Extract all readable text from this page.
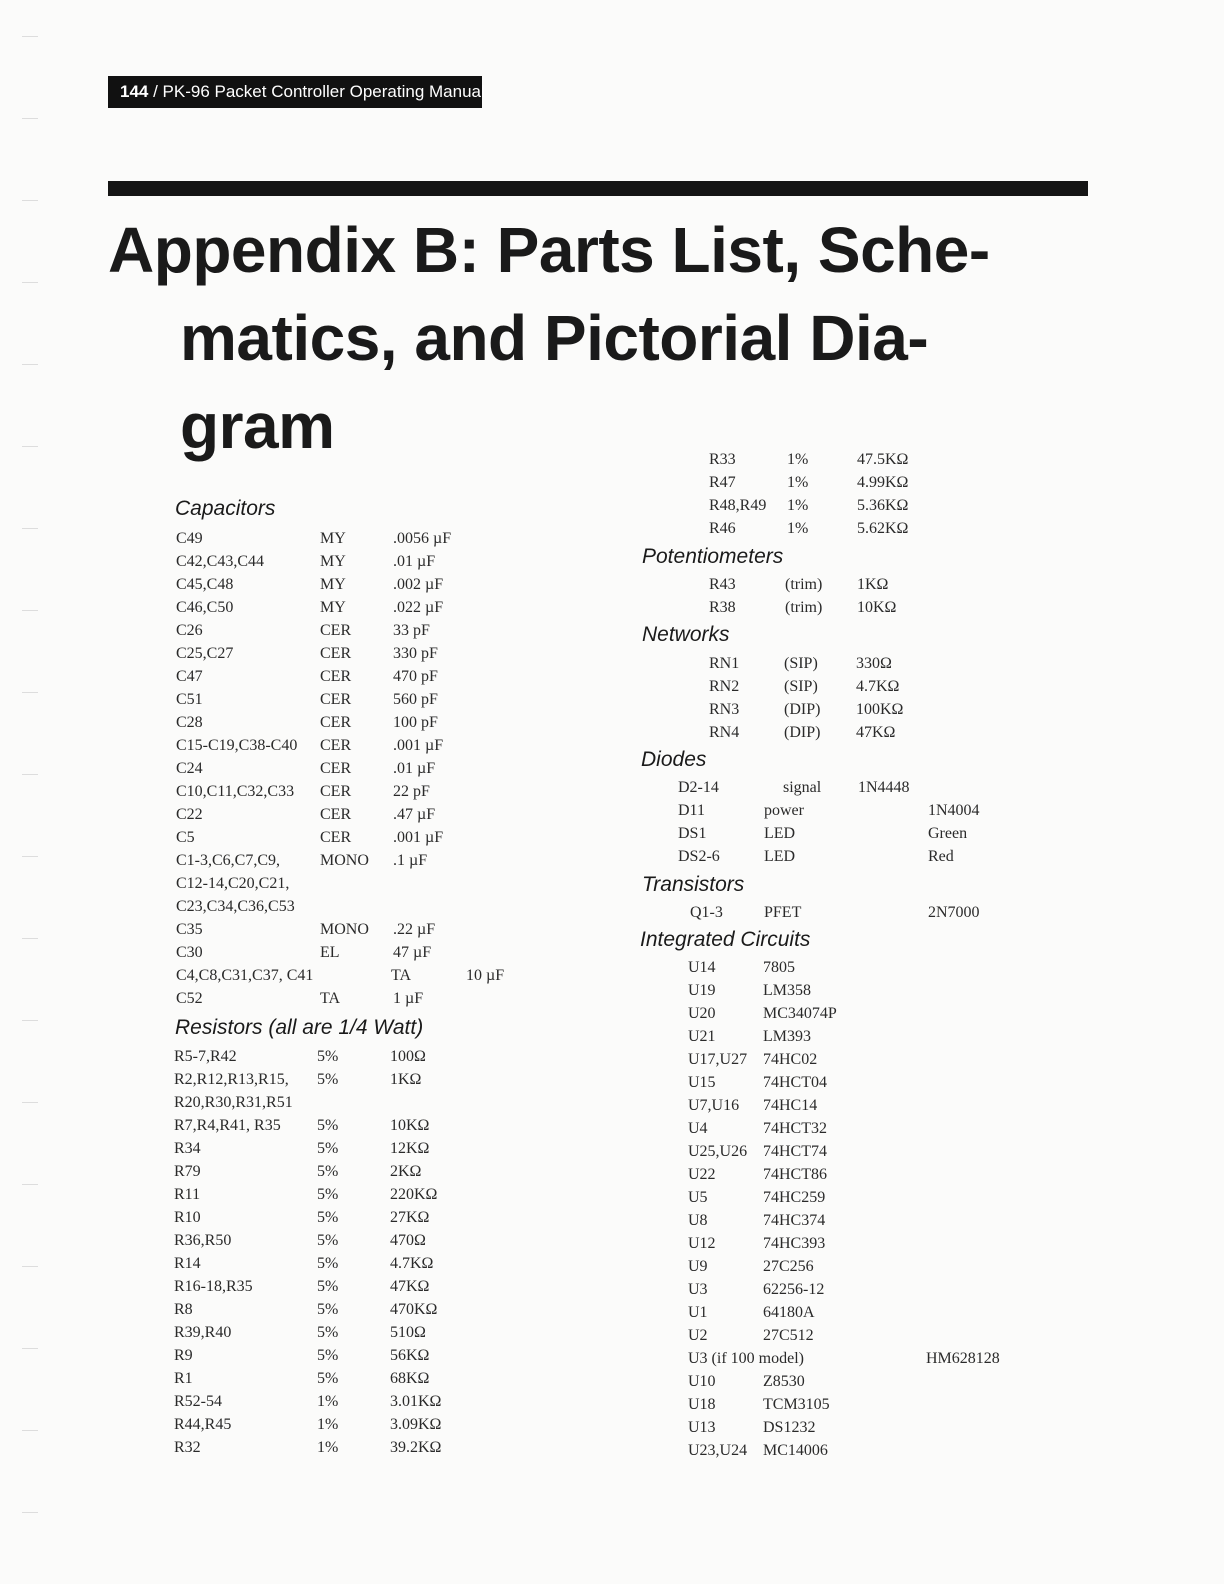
144 / PK-96 Packet Controller Operating Manual
Appendix B: Parts List, Sche-
matics, and Pictorial Dia-
gram
Capacitors
C49	MY	.0056 µF
C42,C43,C44	MY	.01 µF
C45,C48	MY	.002 µF
C46,C50	MY	.022 µF
C26	CER	33 pF
C25,C27	CER	330 pF
C47	CER	470 pF
C51	CER	560 pF
C28	CER	100 pF
C15-C19,C38-C40 CER	.001 µF
C24	CER	.01 µF
C10,C11,C32,C33 CER	22 pF
C22	CER	.47 µF
C5	CER	.001 µF
C1-3,C6,C7,C9, MONO .1 µF
C12-14,C20,C21,
C23,C34,C36,C53
C35	MONO .22 µF
C30	EL	47 µF
C4,C8,C31,C37, C41	TA	10 µF
C52	TA	1 µF
Resistors (all are 1/4 Watt)
R5-7,R42	5%	100Ω
R2,R12,R13,R15, 5%	1KΩ
R20,R30,R31,R51
R7,R4,R41, R35 5%	10KΩ
R34	5%	12KΩ
R79	5%	2KΩ
R11	5%	220KΩ
R10	5%	27KΩ
R36,R50	5%	470Ω
R14	5%	4.7KΩ
R16-18,R35	5%	47KΩ
R8	5%	470KΩ
R39,R40	5%	510Ω
R9	5%	56KΩ
R1	5%	68KΩ
R52-54	1%	3.01KΩ
R44,R45	1%	3.09KΩ
R32	1%	39.2KΩ
R33	1%	47.5KΩ
R47	1%	4.99KΩ
R48,R49 1%	5.36KΩ
R46	1%	5.62KΩ
Potentiometers
R43	(trim) 1KΩ
R38	(trim) 10KΩ
Networks
RN1	(SIP) 330Ω
RN2	(SIP) 4.7KΩ
RN3	(DIP) 100KΩ
RN4	(DIP) 47KΩ
Diodes
D2-14	signal 1N4448
D11	power	1N4004
DS1	LED	Green
DS2-6	LED	Red
Transistors
Q1-3	PFET	2N7000
Integrated Circuits
U14	7805
U19	LM358
U20	MC34074P
U21	LM393
U17,U27 74HC02
U15	74HCT04
U7,U16 74HC14
U4	74HCT32
U25,U26 74HCT74
U22	74HCT86
U5	74HC259
U8	74HC374
U12	74HC393
U9	27C256
U3	62256-12
U1	64180A
U2	27C512
U3 (if 100 model)	HM628128
U10	Z8530
U18	TCM3105
U13	DS1232
U23,U24 MC14006
